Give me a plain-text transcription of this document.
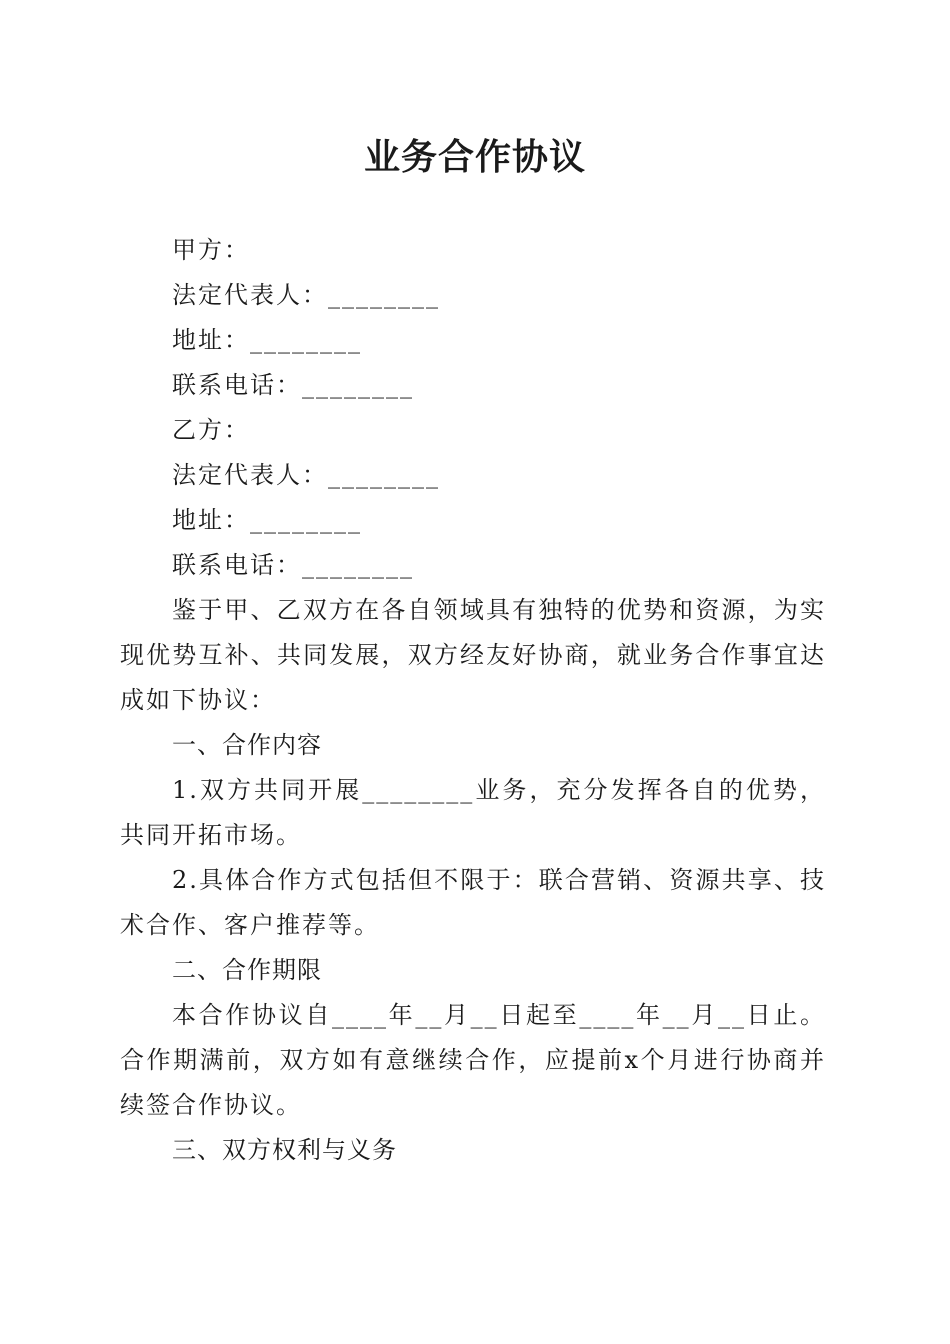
业务合作协议
甲方：
法定代表人：________
地址：________
联系电话：________
乙方：
法定代表人：________
地址：________
联系电话：________
鉴于甲、乙双方在各自领域具有独特的优势和资源，为实现优势互补、共同发展，双方经友好协商，就业务合作事宜达成如下协议：
一、合作内容
1.双方共同开展________业务，充分发挥各自的优势，共同开拓市场。
2.具体合作方式包括但不限于：联合营销、资源共享、技术合作、客户推荐等。
二、合作期限
本合作协议自____年__月__日起至____年__月__日止。合作期满前，双方如有意继续合作，应提前x个月进行协商并续签合作协议。
三、双方权利与义务
